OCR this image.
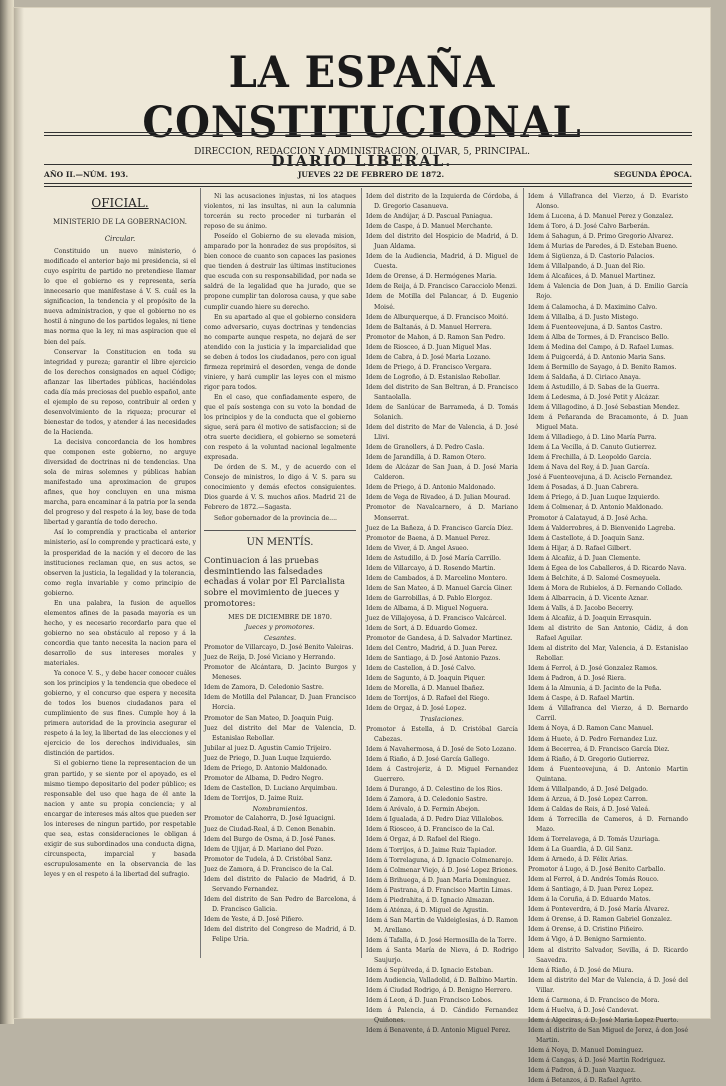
LA ESPAÑA CONSTITUCIONAL
DIARIO LIBERAL.
DIRECCION, REDACCION Y ADMINISTRACION, OLIVAR, 5, PRINCIPAL.
AÑO II.—NÚM. 193.	JUEVES 22 DE FEBRERO DE 1872.	SEGUNDA ÉPOCA.
OFICIAL.
MINISTERIO DE LA GOBERNACION.
Circular.

Constituido un nuevo ministerio, ó modificado el anterior bajo mi presidencia, si el cuyo espíritu de partido no pretendiese llamar lo que el gobierno es y representa, sería innecesario que manifestase á V. S. cuál es la significacion, la tendencia y el propósito de la nueva administracion, y que el gobierno no es hostil á ninguno de los partidos legales, ni tiene mas norma que la ley, ni mas aspiracion que el bien del país.

Conservar la Constitucion en toda su integridad y pureza; garantir el libre ejercicio de los derechos consignados en aquel Código; afianzar las libertades públicas, haciéndolas cada día más preciosas del pueblo español, ante el ejemplo de su reposo, contribuir al orden y desenvolvimiento de la riqueza; procurar el bienestar de todos, y atender á las necesidades de la Hacienda.

La decisiva concordancia de los hombres que componen este gobierno, no arguye diversidad de doctrinas ni de tendencias. Una sola de miras solemnes y públicas habían manifestado una aproximacion de grupos afines, que hoy concluyen en una misma marcha, para encaminar á la patria por la senda del progreso y del respeto á la ley, base de toda libertad y garantía de todo derecho.

Así lo comprendía y practicaba el anterior ministerio, así lo comprende y practicará este, y la prosperidad de la nación y el decoro de las instituciones reclaman que, en sus actos, se observen la justicia, la legalidad y la tolerancia, como regla invariable y como principio de gobierno.

En una palabra, la fusion de aquellos elementos afines de la pasada mayoría es un hecho, y es necesario recordarlo para que el gobierno no sea obstáculo al reposo y á la concordia que tanto necesita la nacion para el desarrollo de sus intereses morales y materiales.

Ya conoce V. S., y debe hacer conocer cuáles son los principios y la tendencia que obedece el gobierno, y el concurso que espera y necesita de todos los buenos ciudadanos para el cumplimiento de sus fines. Cumple hoy á la primera autoridad de la provincia asegurar el respeto á la ley, la libertad de las elecciones y el ejercicio de los derechos individuales, sin distinción de partidos.

Si el gobierno tiene la representacion de un gran partido, y se siente por el apoyado, es el mismo tiempo depositario del poder público; es responsable del uso que haga de él ante la nacion y ante su propia conciencia; y al encargar de intereses más altos que pueden ser los intereses de ningun partido, por respetable que sea, estas consideraciones le obligan á exigir de sus subordinados una conducta digna, circunspecta, imparcial y basada escrupulosamente en la observancia de las leyes y en el respeto á la libertad del sufragio.

Ni las acusaciones injustas, ni los ataques violentos, ni las insultas, ni aun la calumnia torcerán su recto proceder ni turbarán el reposo de su ánimo.

Poseído el Gobierno de su elevada mision, amparado por la honradez de sus propósitos, si bien conoce de cuanto son capaces las pasiones que tienden á destruir las últimas instituciones que escuda con su responsabilidad, por nada se saldrá de la legalidad que ha jurado, que se propone cumplir tan dolorosa causa, y que sabe cumplir cuando hiere su derecho.

En su apartado al que el gobierno considera como adversario, cuyas doctrinas y tendencias no comparte aunque respeta, no dejará de ser atendido con la justicia y la imparcialidad que se deben á todos los ciudadanos, pero con igual firmeza reprimirá el desorden, venga de donde viniere, y hará cumplir las leyes con el mismo rigor para todos.

En el caso, que confiadamente espero, de que el país sostenga con su voto la bondad de los principios y de la conducta que el gobierno sigue, será para él motivo de satisfaccion; si de otra suerte decidiera, el gobierno se someterá con respeto á la voluntad nacional legalmente expresada.

De órden de S. M., y de acuerdo con el Consejo de ministros, lo digo á V. S. para su conocimiento y demás efectos consiguientes. Dios guarde á V. S. muchos años. Madrid 21 de Febrero de 1872.—Sagasta.

Señor gobernador de la provincia de....

UN MENTÍS.

Continuacion á las pruebas desmintiendo las falsedades echadas á volar por El Parcialista sobre el movimiento de jueces y promotores:

MES DE DICIEMBRE DE 1870.
Jueces y promotores.
Cesantes.
Promotor de Villarcayo, D. José Benito Valeiras.
Juez de Reija, D. José Viciano y Herrando.
Promotor de Alcántara, D. Jacinto Burgos y Meneses.
Idem de Zamora, D. Celedonio Sastre.
Idem de Motilla del Palancar, D. Juan Francisco Horcia.
Promotor de San Mateo, D. Joaquin Puig.
Juez del distrito del Mar de Valencia, D. Estanislao Rebollar.
Jubilar al juez D. Agustin Camio Trijeiro.
Juez de Priego, D. Juan Luque Izquierdo.
Idem de Priego, D. Antonio Maldonado.
Promotor de Albama, D. Pedro Negro.
Idem de Castellon, D. Luciano Arquimbau.
Idem de Torrijos, D. Jaime Ruiz.
Nombramientos.
Promotor de Calahorra, D. José Iguacigni.
Juez de Ciudad-Real, á D. Cenon Benabin.
Idem del Burgo de Osma, á D. José Panes.
Idem de Ujijar, á D. Mariano del Pozo.
Promotor de Tudela, á D. Cristóbal Sanz.
Juez de Zamora, á D. Francisco de la Cal.
Idem del distrito de Palacio de Madrid, á D. Servando Fernandez.
Idem del distrito de San Pedro de Barcelona, á D. Francisco Galicia.
Idem de Yeste, á D. José Piñero.
Idem del distrito del Congreso de Madrid, á D. Felipe Uria.
Idem del distrito de la Izquierda de Córdoba, á D. Gregorio Casanueva.
Idem de Andújar, á D. Pascual Paniagua.
Idem de Caspe, á D. Manuel Merchante.
Idem del distrito del Hospicio de Madrid, á D. Juan Aldama.
Idem de la Audiencia, Madrid, á D. Miguel de Cuesta.
Idem de Orense, á D. Hermógenes Maria.
Idem de Reija, á D. Francisco Caracciolo Menzi.
Idem de Motilla del Palancar, á D. Eugenio Moisé.
Idem de Alburquerque, á D. Francisco Moitó.
Idem de Baltanás, á D. Manuel Herrera.
Promotor de Mahon, á D. Ramon San Pedro.
Idem de Riosceo, á D. Juan Miguel Mas.
Idem de Cabra, á D. José Maria Lozano.
Idem de Priego, á D. Francisco Vergara.
Idem de Logroño, á D. Estanislao Rebollar.
Idem del distrito de San Beltran, á D. Francisco Santaolalla.
Idem de Sanlúcar de Barrameda, á D. Tomás Solanich.
Idem del distrito de Mar de Valencia, á D. José Llivi.
Idem de Granollers, á D. Pedro Casla.
Idem de Jarandilla, á D. Ramon Otero.
Idem de Alcázar de San Juan, á D. José Maria Calderon.
Idem de Priego, á D. Antonio Maldonado.
Idem de Vega de Rivadeo, á D. Julian Mourad.
Promotor de Navalcarnero, á D. Mariano Monserrat.
Juez de La Bañeza, á D. Francisco García Díez.
Promotor de Baena, á D. Manuel Perez.
Idem de Viver, á D. Angel Asueo.
Idem de Astudillo, á D. José María Carrillo.
Idem de Villarcayo, á D. Rosendo Martin.
Idem de Cambados, á D. Marcelino Montero.
Idem de San Mateo, á D. Manuel García Giner.
Idem de Garrobillas, á D. Pablo Elorgoz.
Idem de Albama, á D. Miguel Noguera.
Juez de Villajoyosa, á D. Francisco Valcárcel.
Idem de Sort, á D. Eduardo Gomez.
Promotor de Gandesa, á D. Salvador Martinez.
Idem del Centro, Madrid, á D. Juan Perez.
Idem de Santiago, á D. José Antonio Pazos.
Idem de Castellon, á D. José Calvo.
Idem de Sagunto, á D. Joaquin Piquer.
Idem de Morella, á D. Manuel Ibañez.
Idem de Torrijos, á D. Rafael del Riego.
Idem de Orgaz, á D. José Lopez.
Traslaciones.
Promotor á Estella, á D. Cristóbal García Cabezas.
Idem á Navahermosa, á D. José de Soto Lozano.
Idem á Riaño, á D. José García Gallego.
Idem á Castrojeriz, á D. Miguel Fernandez Guerrero.
Idem á Durango, á D. Celestino de los Rios.
Idem á Zamora, á D. Celedonio Sastre.
Idem á Arévalo, á D. Fermin Abejon.
Idem á Igualada, á D. Pedro Diaz Villalobos.
Idem á Riosceo, á D. Francisco de la Cal.
Idem á Orgaz, á D. Rafael del Riego.
Idem á Torrijos, á D. Jaime Ruiz Tapiador.
Idem á Torrelaguna, á D. Ignacio Colmenarejo.
Idem á Colmenar Viejo, á D. José Lopez Briones.
Idem á Brihuega, á D. Juan Maria Dominguez.
Idem á Pastrana, á D. Francisco Martin Limas.
Idem á Piedrahita, á D. Ignacio Almazan.
Idem á Aténza, á D. Miguel de Agustin.
Idem á San Martin de Valdeiglesias, á D. Ramon M. Arellano.
Idem á Tafalla, á D. José Hermosilla de la Torre.
Idem á Santa María de Nieva, á D. Rodrigo Saujurjo.
Idem á Sepúlveda, á D. Ignacio Esteban.
Idem Audiencia, Valladolid, á D. Balbino Martin.
Idem á Ciudad Rodrigo, á D. Benigno Herrero.
Idem á Leon, á D. Juan Francisco Lobos.
Idem á Palencia, á D. Cándido Fernandez Quiñones.
Idem á Benavente, á D. Antonio Miguel Perez.
Idem á Villafranca del Vierzo, á D. Evaristo Alonso.
Idem á Lucena, á D. Manuel Perez y Gonzalez.
Idem á Toro, á D. José Calvo Barberán.
Idem á Sahagun, á D. Primo Gregorio Alvarez.
Idem á Murias de Paredes, á D. Esteban Bueno.
Idem á Sigüenza, á D. Castorio Palacios.
Idem á Villalpando, á D. Juan del Rio.
Idem á Alcañices, á D. Manuel Martinez.
Idem á Valencia de Don Juan, á D. Emilio García Rojo.
Idem á Calamocha, á D. Maximino Calvo.
Idem á Villalba, á D. Justo Mistego.
Idem á Fuenteovejuna, á D. Santos Castro.
Idem á Alba de Tormes, á D. Francisco Bello.
Idem á Medina del Campo, á D. Rafael Lumas.
Idem á Puigcerdá, á D. Antonio Maria Sans.
Idem á Bermillo de Sayago, á D. Benito Ramos.
Idem á Saldaña, á D. Ciriaco Anaya.
Idem á Astudillo, á D. Sabas de la Guerra.
Idem á Ledesma, á D. José Petit y Alcázar.
Idem á Villagodino, á D. José Sebastian Mendez.
Idem á Peñaranda de Bracamonte, á D. Juan Miguel Mata.
Idem á Villadiego, á D. Lino María Parra.
Idem á La Vecilla, á D. Canuto Gutierrez.
Idem á Frechilla, á D. Leopoldo Garcia.
Idem á Nava del Rey, á D. Juan García.
José á Fuenteovejuna, á D. Acisclo Fernandez.
Idem á Posadas, á D. Juan Cabrera.
Idem á Priego, á D. Juan Luque Izquierdo.
Idem á Colmenar, á D. Antonio Maldonado.
Promotor á Calatayud, á D. José Acha.
Idem á Valderrobres, á D. Bienvenido Lagreba.
Idem á Castellote, á D. Joaquin Sanz.
Idem á Hijar, á D. Rafael Gilbert.
Idem á Alcañiz, á D. Juan Clemente.
Idem á Egea de los Caballeros, á D. Ricardo Nava.
Idem á Belchite, á D. Salomé Cosmeyuela.
Idem á Mora de Rubielos, á D. Fernando Collado.
Idem á Albarracin, á D. Vicente Aznar.
Idem á Valls, á D. Jacobo Becerry.
Idem á Alcañiz, á D. Joaquin Errasquin.
Idem al distrito de San Antonio, Cádiz, á don Rafael Aguilar.
Idem al distrito del Mar, Valencia, á D. Estanislao Rebollar.
Idem á Ferrol, á D. José Gonzalez Ramos.
Idem á Padron, á D. José Riera.
Idem á la Almunia, á D. Jacinto de la Peña.
Idem á Caspe, á D. Rafael Martin.
Idem á Villafranca del Vierzo, á D. Bernardo Carril.
Idem á Noya, á D. Ramon Canc Manuel.
Idem á Huete, á D. Pedro Fernandez Luz.
Idem á Becerrea, á D. Francisco García Diez.
Idem á Riaño, á D. Gregorio Gutierrez.
Idem á Fuenteovejuna, á D. Antonio Martin Quintana.
Idem á Villalpando, á D. José Delgado.
Idem á Arzua, á D. José Lopez Carron.
Idem á Caldas de Reis, á D. José Valeá.
Idem á Torrecilla de Cameros, á D. Fernando Mazo.
Idem á Torrelavega, á D. Tomás Uzuriaga.
Idem á La Guardia, á D. Gil Sanz.
Idem á Arnedo, á D. Félix Arias.
Promotor á Lugo, á D. José Benito Carballo.
Idem al Ferrol, á D. Andrés Tomás Rouco.
Idem á Santiago, á D. Juan Perez Lopez.
Idem á la Coruña, á D. Eduardo Matos.
Idem á Ponteverdra, á D. José María Álvarez.
Idem á Orense, á D. Ramon Gabriel Gonzalez.
Idem á Orense, á D. Cristino Piñeiro.
Idem á Vigo, á D. Benigno Sarmiento.
Idem al distrito Salvador, Sevilla, á D. Ricardo Saavedra.
Idem á Riaño, á D. José de Miura.
Idem al distrito del Mar de Valencia, á D. José del Villar.
Idem á Carmona, á D. Francisco de Mora.
Idem á Huelva, á D. José Candevat.
Idem á Algeciras, á D. José Maria Lopez Puerto.
Idem al distrito de San Miguel de Jerez, á don José Martin.
Idem á Noya, D. Manuel Dominguez.
Idem á Cangas, á D. José Martin Rodriguez.
Idem á Padron, á D. Juan Vazquez.
Idem á Betanzos, á D. Rafael Agrito.
